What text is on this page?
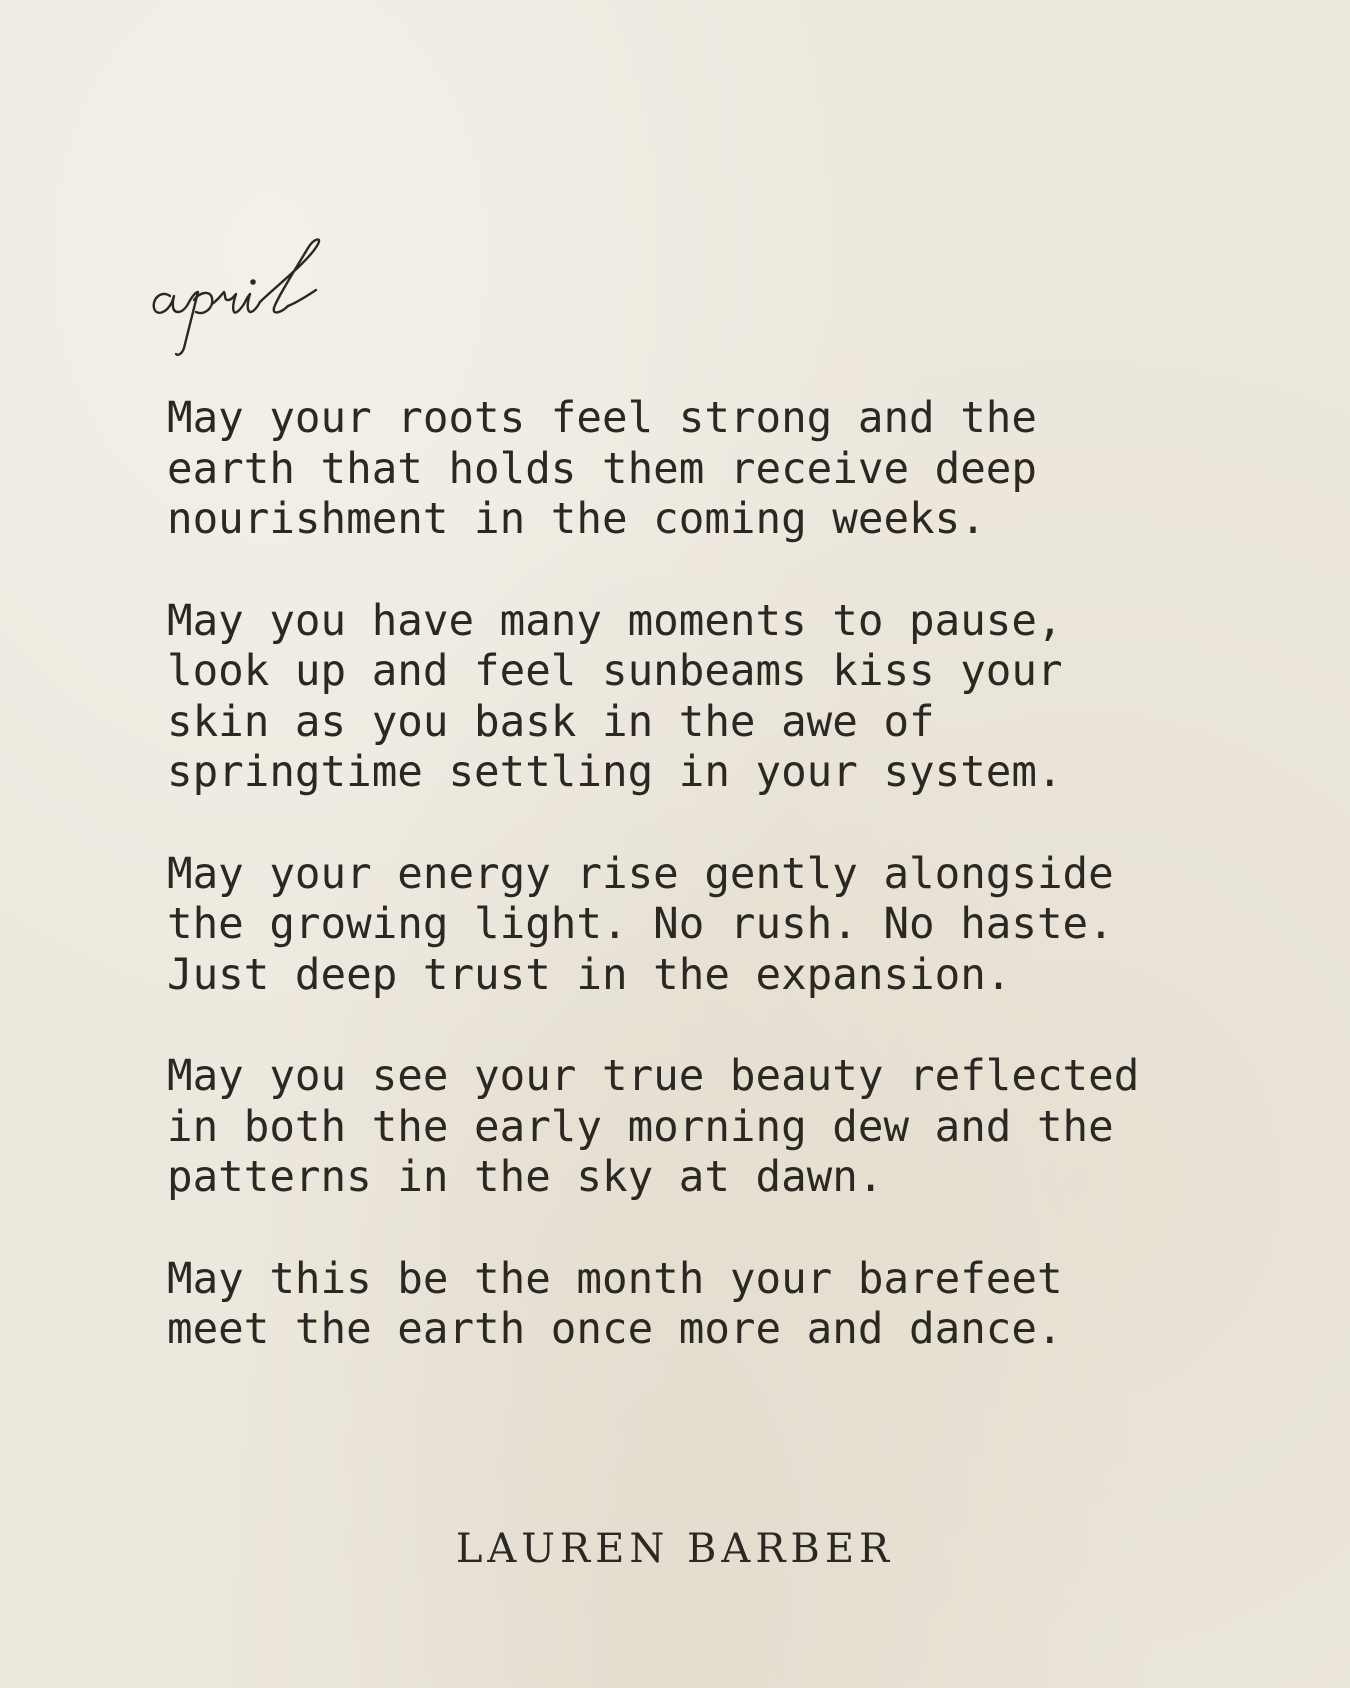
May your roots feel strong and the
earth that holds them receive deep
nourishment in the coming weeks.
May you have many moments to pause,
look up and feel sunbeams kiss your
skin as you bask in the awe of
springtime settling in your system.
May your energy rise gently alongside
the growing light. No rush. No haste.
Just deep trust in the expansion.
May you see your true beauty reflected
in both the early morning dew and the
patterns in the sky at dawn.
May this be the month your barefeet
meet the earth once more and dance.
LAUREN BARBER
